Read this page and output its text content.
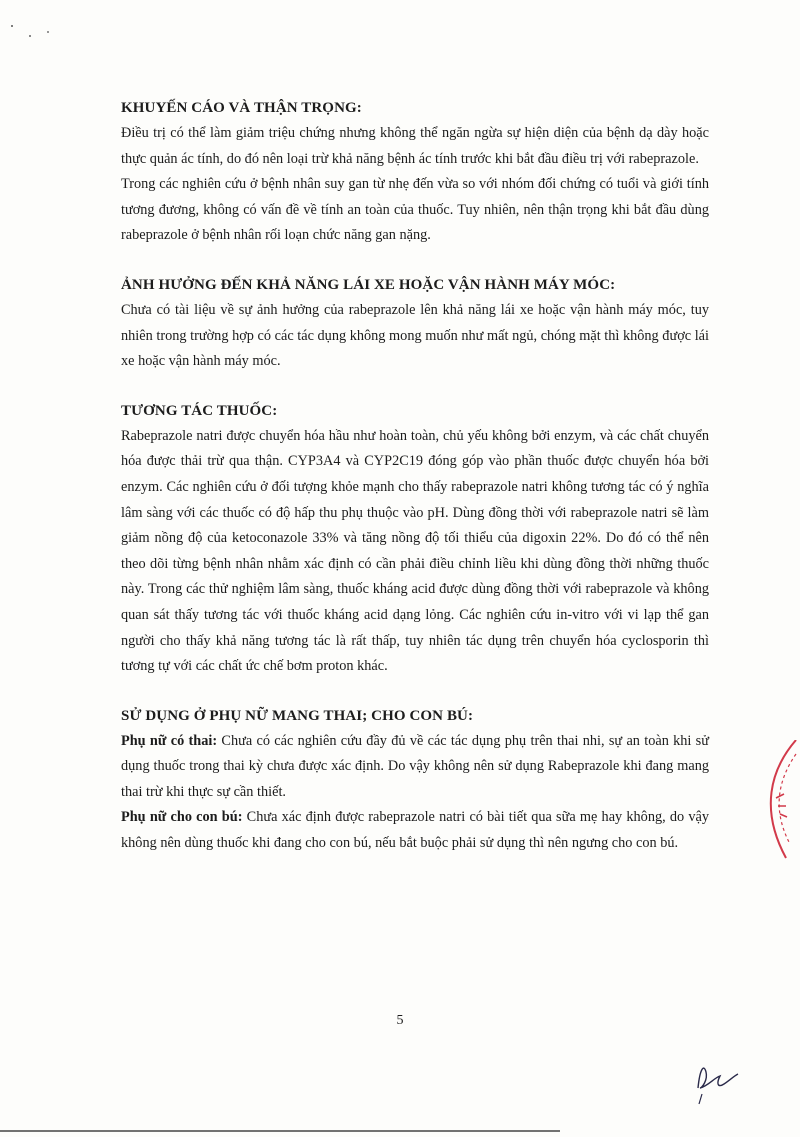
KHUYẾN CÁO VÀ THẬN TRỌNG:

Điều trị có thể làm giảm triệu chứng nhưng không thể ngăn ngừa sự hiện diện của bệnh dạ dày hoặc thực quản ác tính, do đó nên loại trừ khả năng bệnh ác tính trước khi bắt đầu điều trị với rabeprazole.

Trong các nghiên cứu ở bệnh nhân suy gan từ nhẹ đến vừa so với nhóm đối chứng có tuổi và giới tính tương đương, không có vấn đề về tính an toàn của thuốc. Tuy nhiên, nên thận trọng khi bắt đầu dùng rabeprazole ở bệnh nhân rối loạn chức năng gan nặng.

ẢNH HƯỞNG ĐẾN KHẢ NĂNG LÁI XE HOẶC VẬN HÀNH MÁY MÓC:

Chưa có tài liệu về sự ảnh hưởng của rabeprazole lên khả năng lái xe hoặc vận hành máy móc, tuy nhiên trong trường hợp có các tác dụng không mong muốn như mất ngủ, chóng mặt thì không được lái xe hoặc vận hành máy móc.

TƯƠNG TÁC THUỐC:

Rabeprazole natri được chuyển hóa hầu như hoàn toàn, chủ yếu không bởi enzym, và các chất chuyển hóa được thải trừ qua thận. CYP3A4 và CYP2C19 đóng góp vào phần thuốc được chuyển hóa bởi enzym. Các nghiên cứu ở đối tượng khỏe mạnh cho thấy rabeprazole natri không tương tác có ý nghĩa lâm sàng với các thuốc có độ hấp thu phụ thuộc vào pH. Dùng đồng thời với rabeprazole natri sẽ làm giảm nồng độ của ketoconazole 33% và tăng nồng độ tối thiểu của digoxin 22%. Do đó có thể nên theo dõi từng bệnh nhân nhằm xác định có cần phải điều chỉnh liều khi dùng đồng thời những thuốc này. Trong các thử nghiệm lâm sàng, thuốc kháng acid được dùng đồng thời với rabeprazole và không quan sát thấy tương tác với thuốc kháng acid dạng lỏng. Các nghiên cứu in-vitro với vi lạp thể gan người cho thấy khả năng tương tác là rất thấp, tuy nhiên tác dụng trên chuyển hóa cyclosporin thì tương tự với các chất ức chế bơm proton khác.

SỬ DỤNG Ở PHỤ NỮ MANG THAI; CHO CON BÚ:

Phụ nữ có thai: Chưa có các nghiên cứu đầy đủ về các tác dụng phụ trên thai nhi, sự an toàn khi sử dụng thuốc trong thai kỳ chưa được xác định. Do vậy không nên sử dụng Rabeprazole khi đang mang thai trừ khi thực sự cần thiết.

Phụ nữ cho con bú: Chưa xác định được rabeprazole natri có bài tiết qua sữa mẹ hay không, do vậy không nên dùng thuốc khi đang cho con bú, nếu bắt buộc phải sử dụng thì nên ngưng cho con bú.

5
